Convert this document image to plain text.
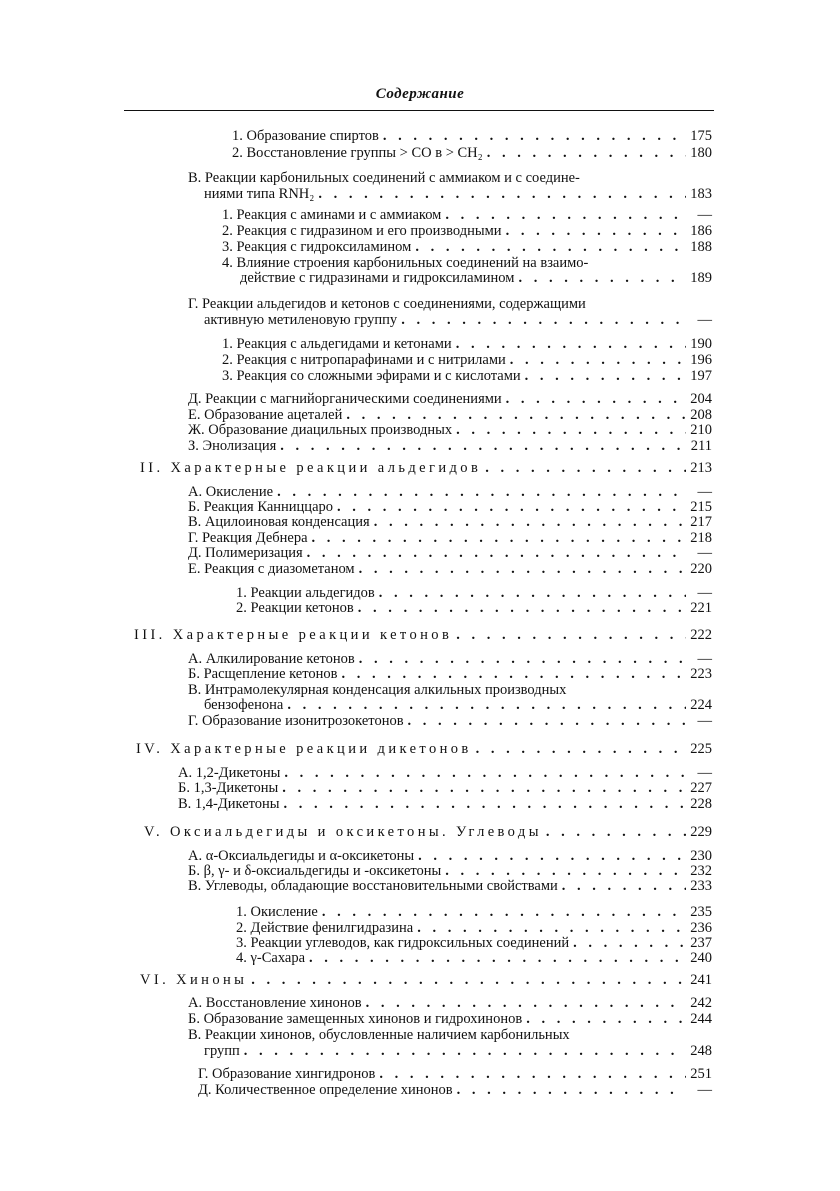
Содержание
1. Образование спиртов . . .	175
2. Восстановление группы > CO в > CH₂ . . .	180
В. Реакции карбонильных соединений с аммиаком и с соедине-
ниями типа RNH₂ . . .	183
1. Реакция с аминами и с аммиаком . . .	—
2. Реакция с гидразином и его производными . . .	186
3. Реакция с гидроксиламином . . .	188
4. Влияние строения карбонильных соединений на взаимо-
действие с гидразинами и гидроксиламином . . .	189
Г. Реакции альдегидов и кетонов с соединениями, содержащими
активную метиленовую группу . . .	—
1. Реакция с альдегидами и кетонами . . .	190
2. Реакция с нитропарафинами и с нитрилами . . .	196
3. Реакция со сложными эфирами и с кислотами . . .	197
Д. Реакции с магнийорганическими соединениями . . .	204
Е. Образование ацеталей . . .	208
Ж. Образование диацильных производных . . .	210
З. Энолизация . . .	211
II. Характерные реакции альдегидов . . .	213
А. Окисление . . .	—
Б. Реакция Канниццаро . . .	215
В. Ацилоиновая конденсация . . .	217
Г. Реакция Дебнера . . .	218
Д. Полимеризация . . .	—
Е. Реакция с диазометаном . . .	220
1. Реакции альдегидов . . .	—
2. Реакции кетонов . . .	221
III. Характерные реакции кетонов . . .	222
А. Алкилирование кетонов . . .	—
Б. Расщепление кетонов . . .	223
В. Интрамолекулярная конденсация алкильных производных
бензофенона . . .	224
Г. Образование изонитрозокетонов . . .	—
IV. Характерные реакции дикетонов . . .	225
А. 1,2-Дикетоны . . .	—
Б. 1,3-Дикетоны . . .	227
В. 1,4-Дикетоны . . .	228
V. Оксиальдегиды и оксикетоны. Углеводы . . .	229
А. α-Оксиальдегиды и α-оксикетоны . . .	230
Б. β, γ- и δ-оксиальдегиды и -оксикетоны . . .	232
В. Углеводы, обладающие восстановительными свойствами . . .	233
1. Окисление . . .	235
2. Действие фенилгидразина . . .	236
3. Реакции углеводов, как гидроксильных соединений . . .	237
4. γ-Сахара . . .	240
VI. Хиноны . . .	241
А. Восстановление хинонов . . .	242
Б. Образование замещенных хинонов и гидрохинонов . . .	244
В. Реакции хинонов, обусловленные наличием карбонильных
групп . . .	248
Г. Образование хингидронов . . .	251
Д. Количественное определение хинонов . . .	—
